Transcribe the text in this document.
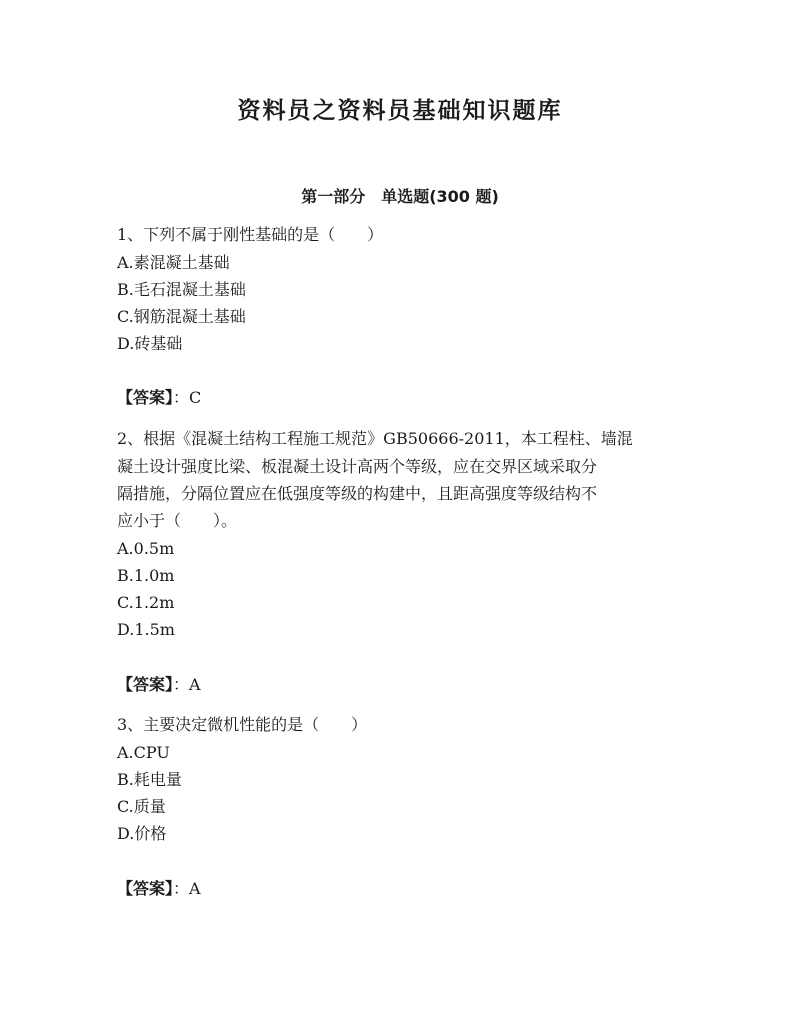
资料员之资料员基础知识题库
第一部分　单选题(300 题)
1、下列不属于刚性基础的是（　　）
A.素混凝土基础
B.毛石混凝土基础
C.钢筋混凝土基础
D.砖基础
【答案】：C
2、根据《混凝土结构工程施工规范》GB50666-2011，本工程柱、墙混
凝土设计强度比梁、板混凝土设计高两个等级，应在交界区域采取分
隔措施，分隔位置应在低强度等级的构建中，且距高强度等级结构不
应小于（　　）。
A.0.5m
B.1.0m
C.1.2m
D.1.5m
【答案】：A
3、主要决定微机性能的是（　　）
A.CPU
B.耗电量
C.质量
D.价格
【答案】：A
